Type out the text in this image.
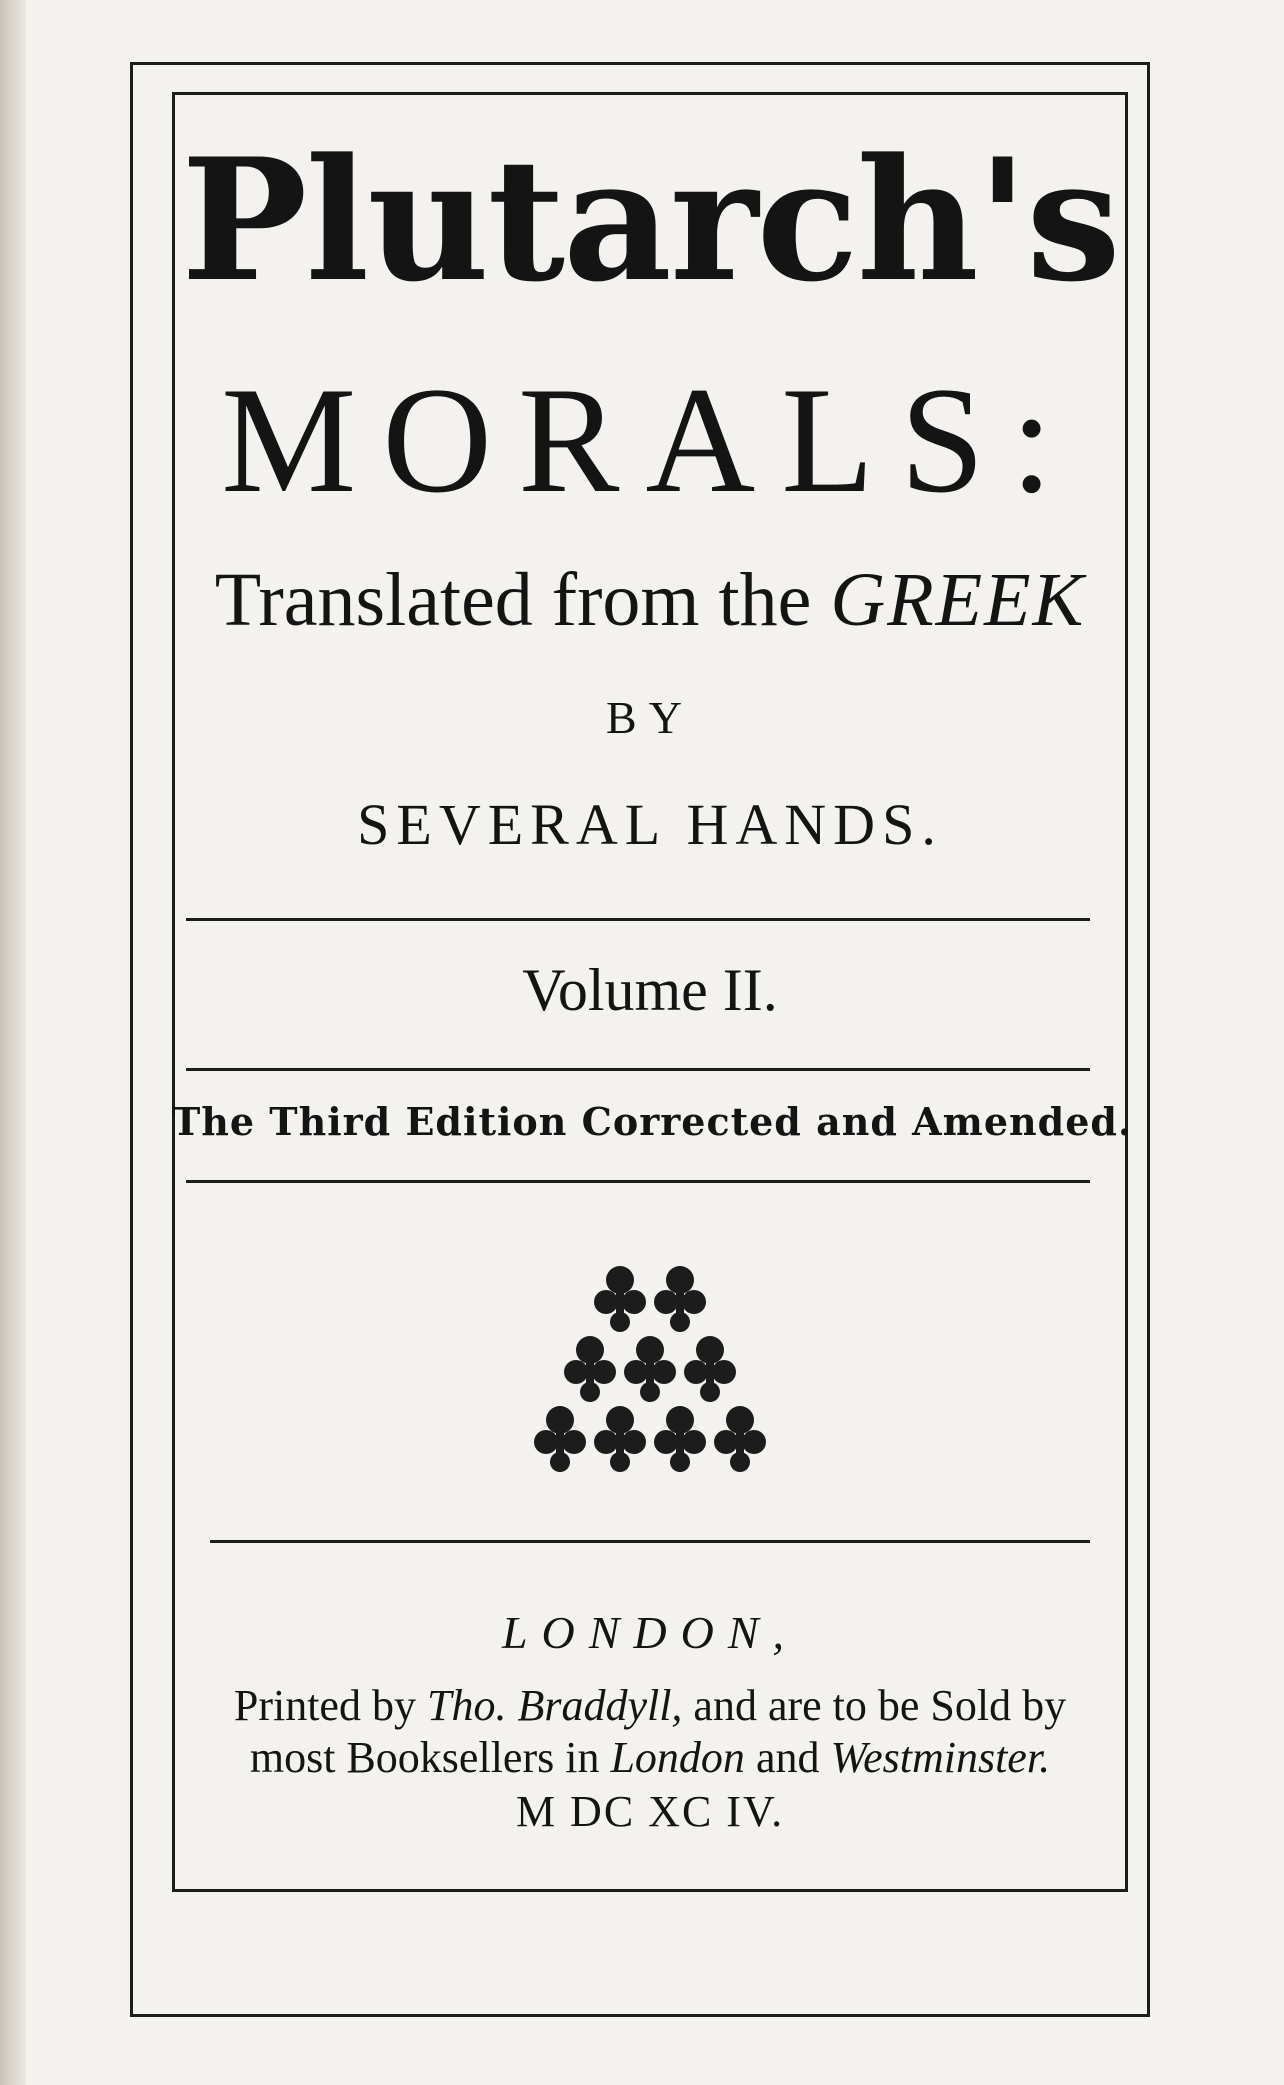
Plutarch's
MORALS:
Translated from the GREEK
BY
SEVERAL HANDS.
Volume II.
The Third Edition Corrected and Amended.
LONDON,
Printed by Tho. Braddyll, and are to be Sold by
most Booksellers in London and Westminster.
M DC XC IV.
